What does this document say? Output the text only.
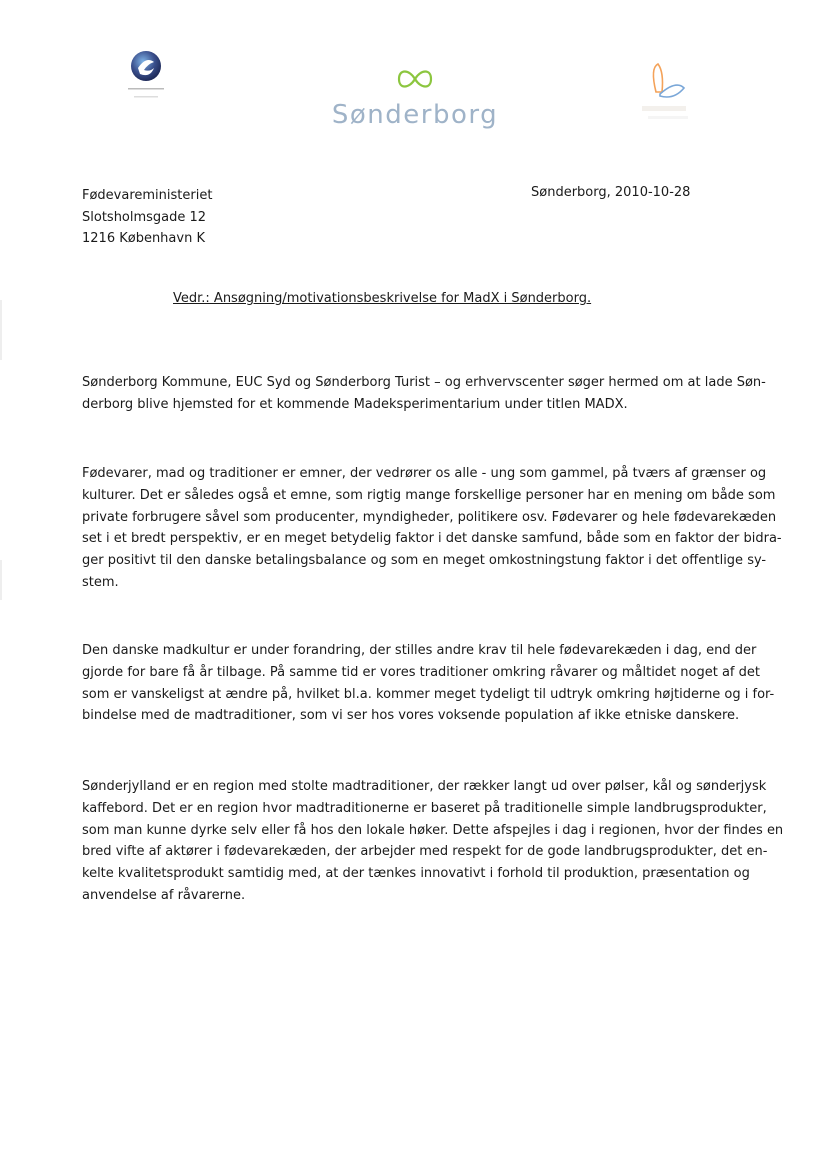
Sønderborg
Fødevareministeriet
Slotsholmsgade 12
1216 København K
Sønderborg, 2010-10-28
Vedr.: Ansøgning/motivationsbeskrivelse for MadX i Sønderborg.
Sønderborg Kommune, EUC Syd og Sønderborg Turist – og erhvervscenter søger hermed om at lade Søn-
derborg blive hjemsted for et kommende Madeksperimentarium under titlen MADX.
Fødevarer, mad og traditioner er emner, der vedrører os alle - ung som gammel, på tværs af grænser og
kulturer. Det er således også et emne, som rigtig mange forskellige personer har en mening om både som
private forbrugere såvel som producenter, myndigheder, politikere osv. Fødevarer og hele fødevarekæden
set i et bredt perspektiv, er en meget betydelig faktor i det danske samfund, både som en faktor der bidra-
ger positivt til den danske betalingsbalance og som en meget omkostningstung faktor i det offentlige sy-
stem.
Den danske madkultur er under forandring, der stilles andre krav til hele fødevarekæden i dag, end der
gjorde for bare få år tilbage. På samme tid er vores traditioner omkring råvarer og måltidet noget af det
som er vanskeligst at ændre på, hvilket bl.a. kommer meget tydeligt til udtryk omkring højtiderne og i for-
bindelse med de madtraditioner, som vi ser hos vores voksende population af ikke etniske danskere.
Sønderjylland er en region med stolte madtraditioner, der rækker langt ud over pølser, kål og sønderjysk
kaffebord. Det er en region hvor madtraditionerne er baseret på traditionelle simple landbrugsprodukter,
som man kunne dyrke selv eller få hos den lokale høker. Dette afspejles i dag i regionen, hvor der findes en
bred vifte af aktører i fødevarekæden, der arbejder med respekt for de gode landbrugsprodukter, det en-
kelte kvalitetsprodukt samtidig med, at der tænkes innovativt i forhold til produktion, præsentation og
anvendelse af råvarerne.
